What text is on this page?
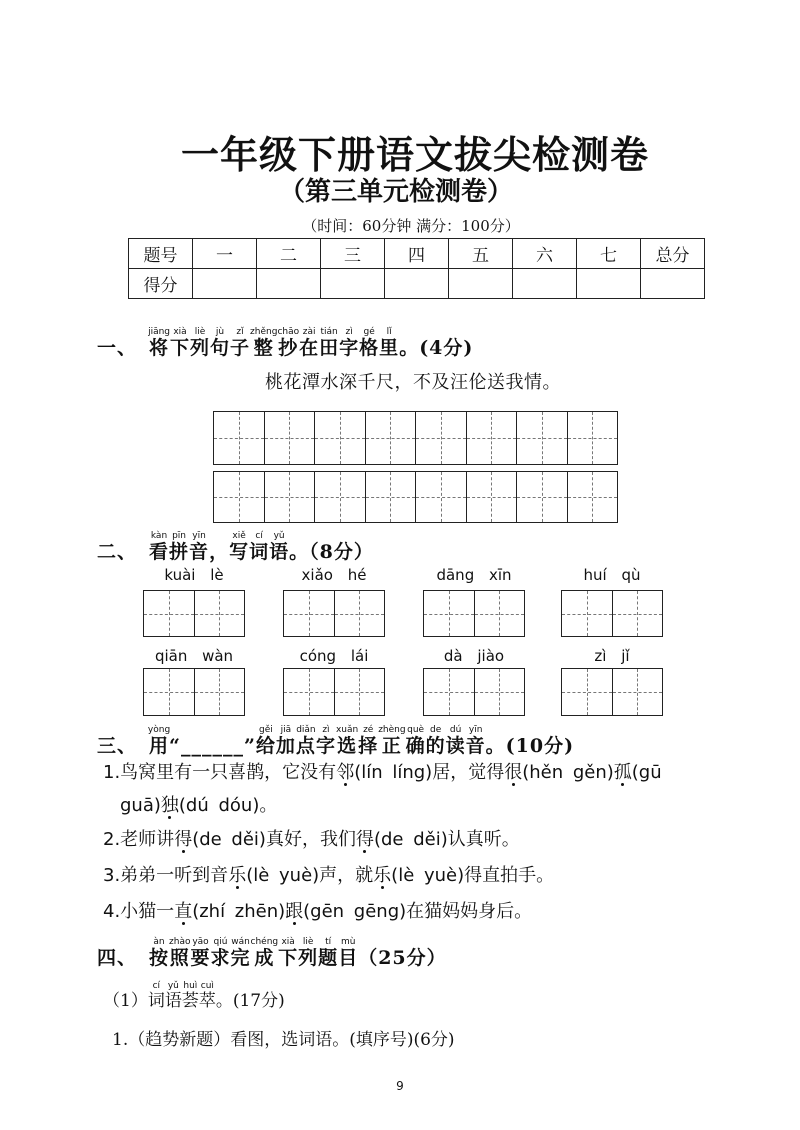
一年级下册语文拔尖检测卷
（第三单元检测卷）
（时间：60分钟 满分：100分）
题号	一	二	三	四	五	六	七	总分
得分								
一、 将jiāng下xià列liè句jù子zǐ整zhěng抄chāo在zài田tián字zì格gé里lǐ。(4分)
桃花潭水深千尺，不及汪伦送我情。
二、 看kàn拼pīn音yīn，写xiě词cí语yǔ。（8分）
kuài lè	xiǎo hé	dāng xīn	huí qù
qiān wàn	cóng lái	dà jiào	zì jǐ
三、 用yòng“______”给gěi加jiā点diǎn字zì选xuǎn择zé正zhèng确què的de读dú音yīn。(10分)
1.鸟窝里有一只喜鹊，它没有邻(lín líng)居，觉得很(hěn gěn)孤(gū
guā)独(dú dóu)。
2.老师讲得(de děi)真好，我们得(de děi)认真听。
3.弟弟一听到音乐(lè yuè)声，就乐(lè yuè)得直拍手。
4.小猫一直(zhí zhēn)跟(gēn gēng)在猫妈妈身后。
四、 按àn照zhào要yāo求qiú完wán成chéng下xià列liè题tí目mù（25分）
（1）词cí语yǔ荟huì萃cuì。(17分)
1.（趋势新题）看图，选词语。(填序号)(6分)
9
